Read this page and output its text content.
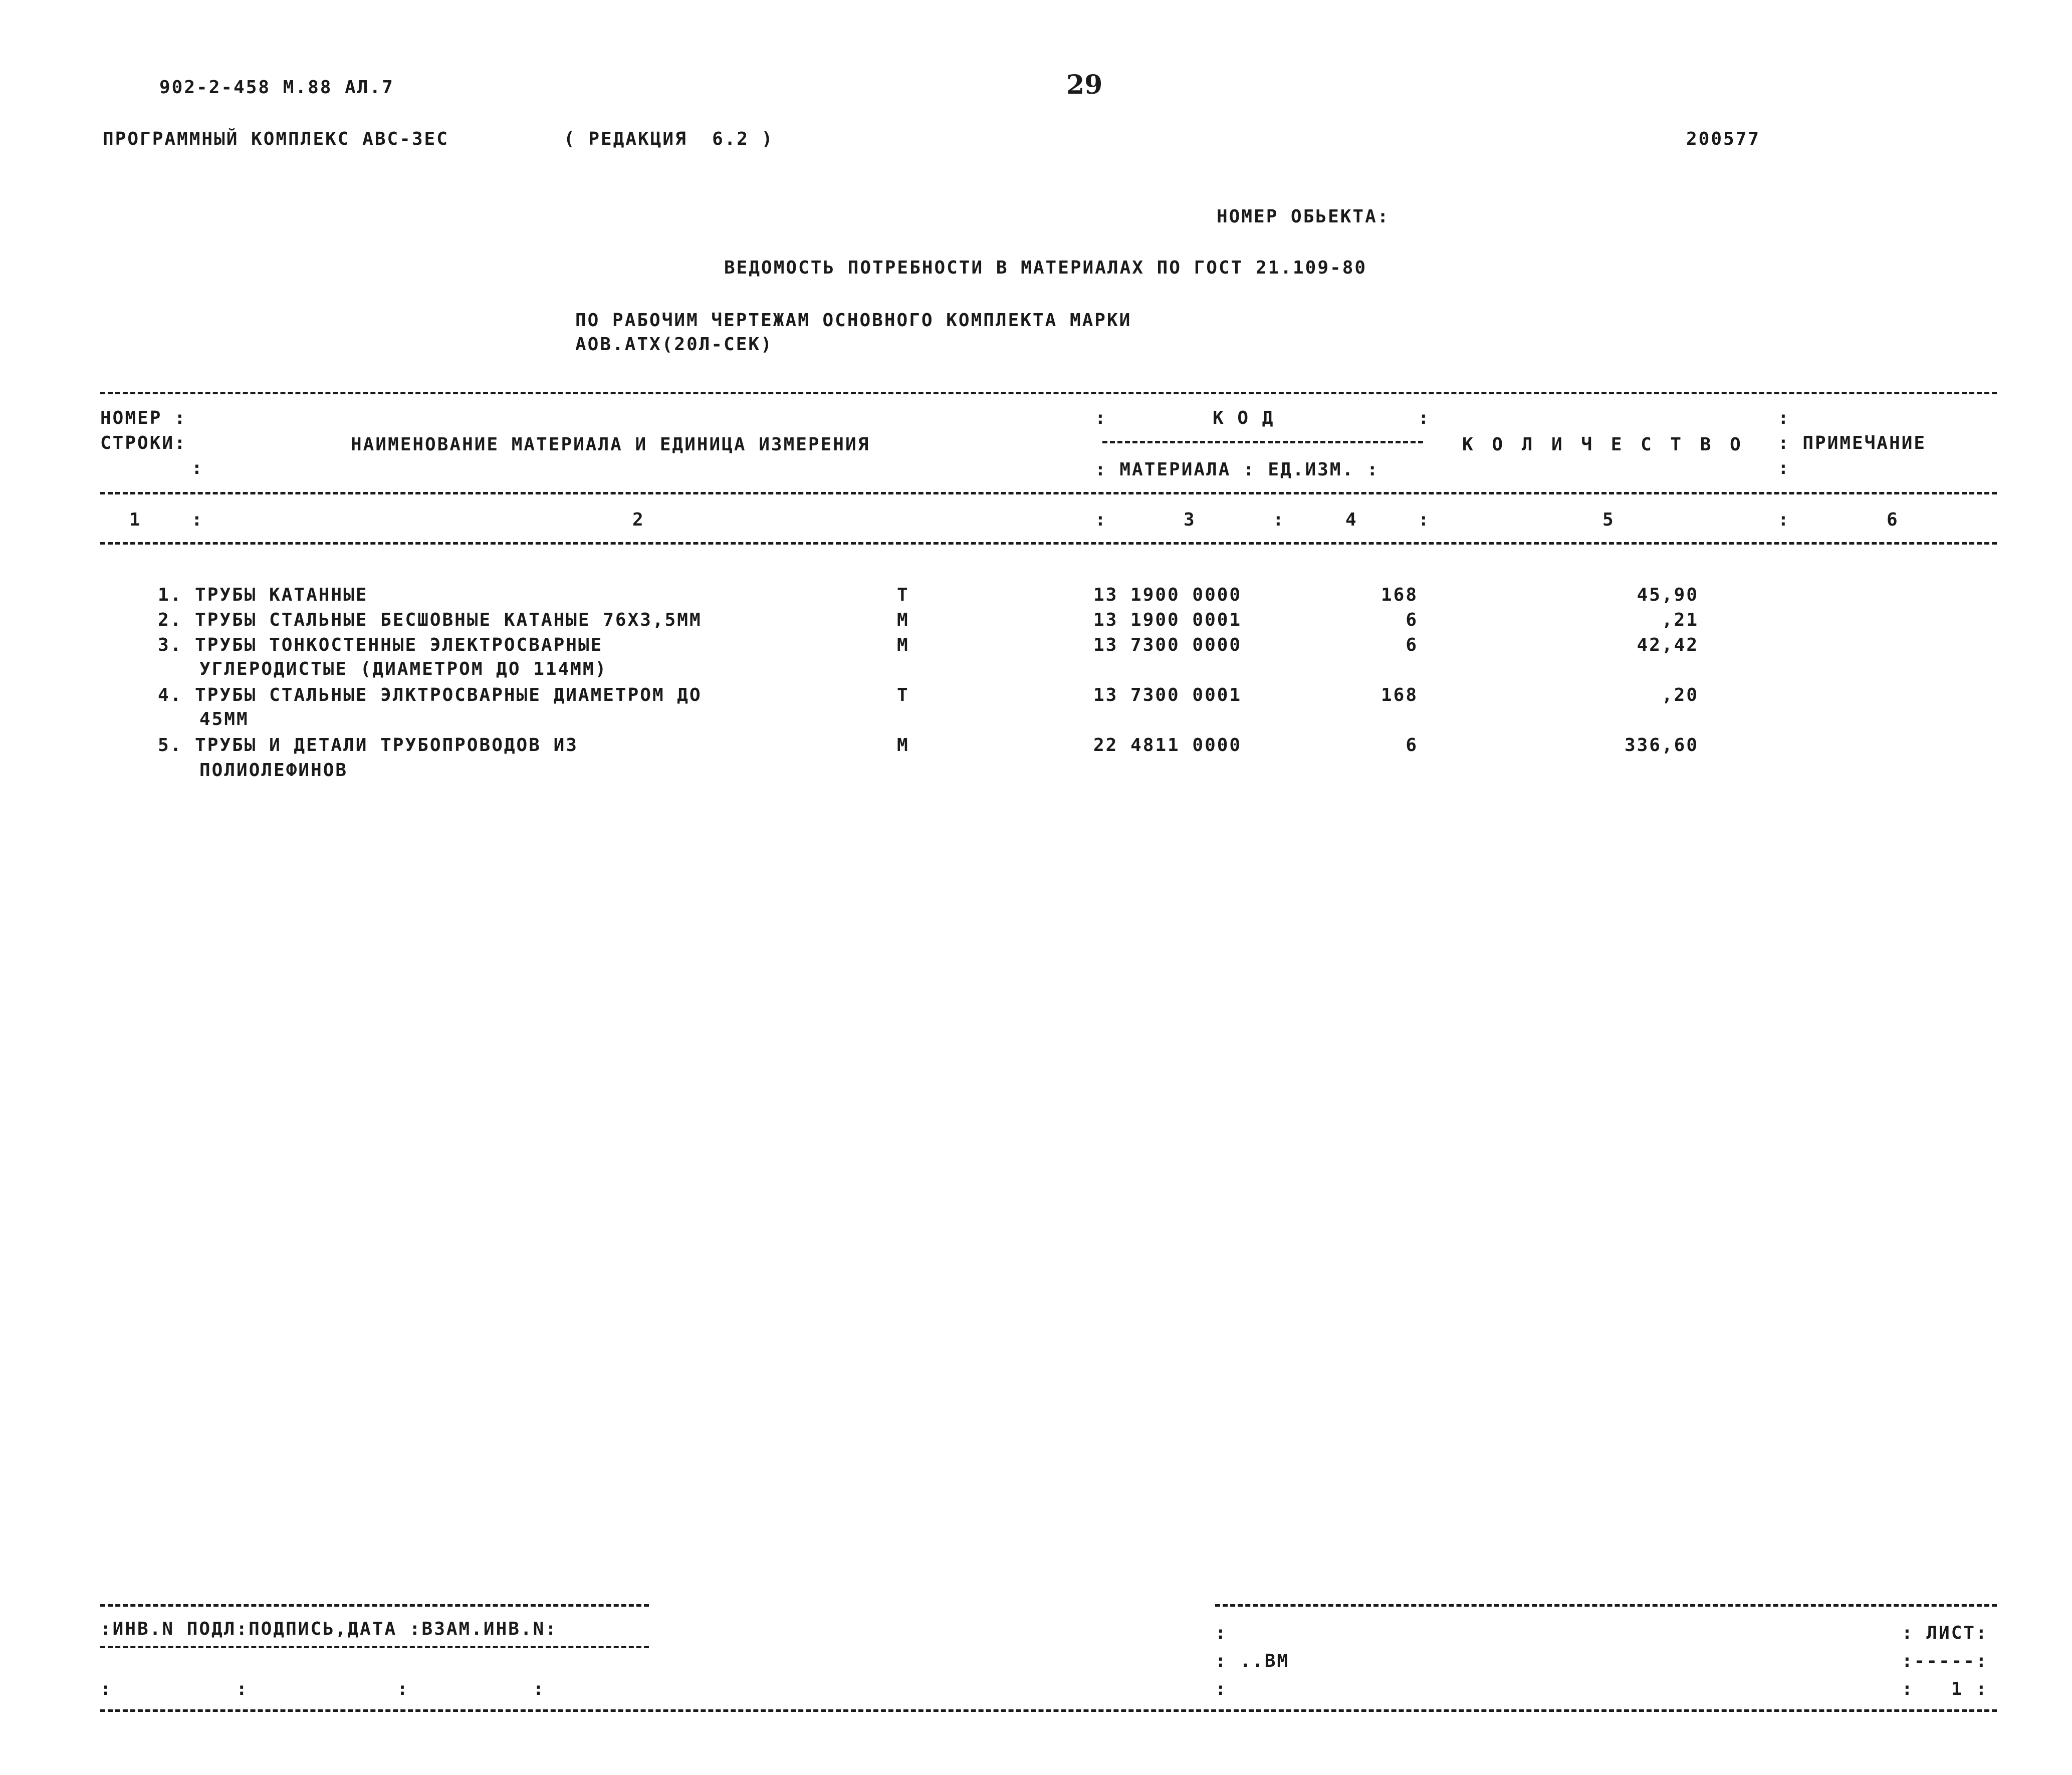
902-2-458 М.88 АЛ.7	29
ПРОГРАММНЫЙ КОМПЛЕКС АВС-3ЕС	( РЕДАКЦИЯ  6.2 )	200577
НОМЕР ОБЬЕКТА:
ВЕДОМОСТЬ ПОТРЕБНОСТИ В МАТЕРИАЛАХ ПО ГОСТ 21.109-80
ПО РАБОЧИМ ЧЕРТЕЖАМ ОСНОВНОГО КОМПЛЕКТА МАРКИ
АОВ.АТХ(20Л-СЕК)
НОМЕР :
СТРОКИ:
:
НАИМЕНОВАНИЕ МАТЕРИАЛА И ЕДИНИЦА ИЗМЕРЕНИЯ
:	К О Д	:
: МАТЕРИАЛА : ЕД.ИЗМ. :
К О Л И Ч Е С Т В О
:
: ПРИМЕЧАНИЕ
:
1	:	2	:	3	:	4	:	5	:	6
1. ТРУБЫ КАТАННЫЕ	Т	13 1900 0000	168	45,90
2. ТРУБЫ СТАЛЬНЫЕ БЕСШОВНЫЕ КАТАНЫЕ 76Х3,5ММ	М	13 1900 0001	6	,21
3. ТРУБЫ ТОНКОСТЕННЫЕ ЭЛЕКТРОСВАРНЫЕ
УГЛЕРОДИСТЫЕ (ДИАМЕТРОМ ДО 114ММ)
М	13 7300 0000	6	42,42
4. ТРУБЫ СТАЛЬНЫЕ ЭЛКТРОСВАРНЫЕ ДИАМЕТРОМ ДО
45ММ
Т	13 7300 0001	168	,20
5. ТРУБЫ И ДЕТАЛИ ТРУБОПРОВОДОВ ИЗ
ПОЛИОЛЕФИНОВ
М	22 4811 0000	6	336,60
:ИНВ.N ПОДЛ:ПОДПИСЬ,ДАТА :ВЗАМ.ИНВ.N:
:          :            :          :
:
: ..ВМ
:
: ЛИСТ:
:-----:
:   1 :
